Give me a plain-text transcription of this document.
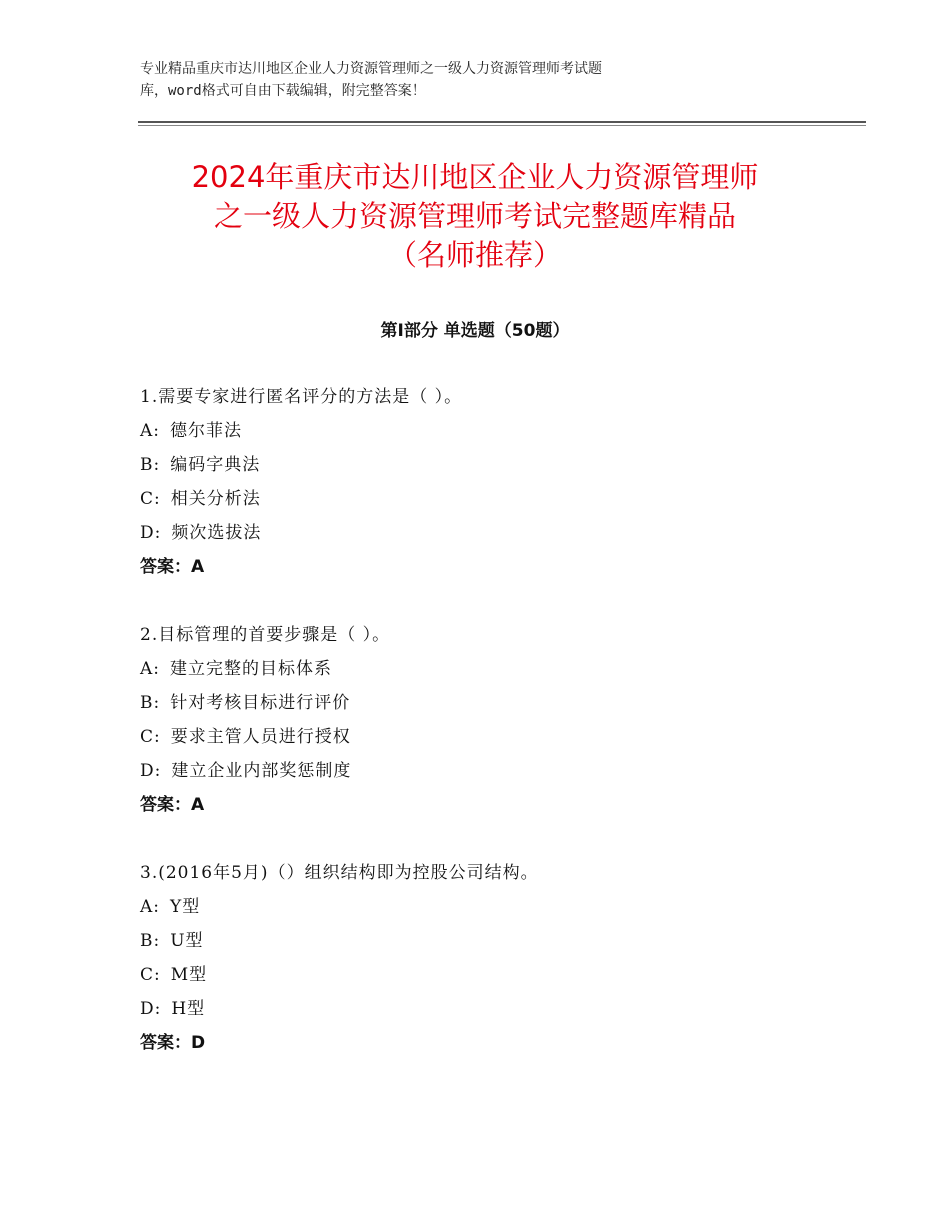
专业精品重庆市达川地区企业人力资源管理师之一级人力资源管理师考试题
库，word格式可自由下载编辑，附完整答案！
2024年重庆市达川地区企业人力资源管理师
之一级人力资源管理师考试完整题库精品
（名师推荐）
第Ⅰ部分 单选题（50题）
1.需要专家进行匿名评分的方法是（ ）。
A: 德尔菲法
B: 编码字典法
C: 相关分析法
D: 频次选拔法
答案：A
2.目标管理的首要步骤是（ ）。
A: 建立完整的目标体系
B: 针对考核目标进行评价
C: 要求主管人员进行授权
D: 建立企业内部奖惩制度
答案：A
3.(2016年5月)（）组织结构即为控股公司结构。
A: Y型
B: U型
C: M型
D: H型
答案：D
